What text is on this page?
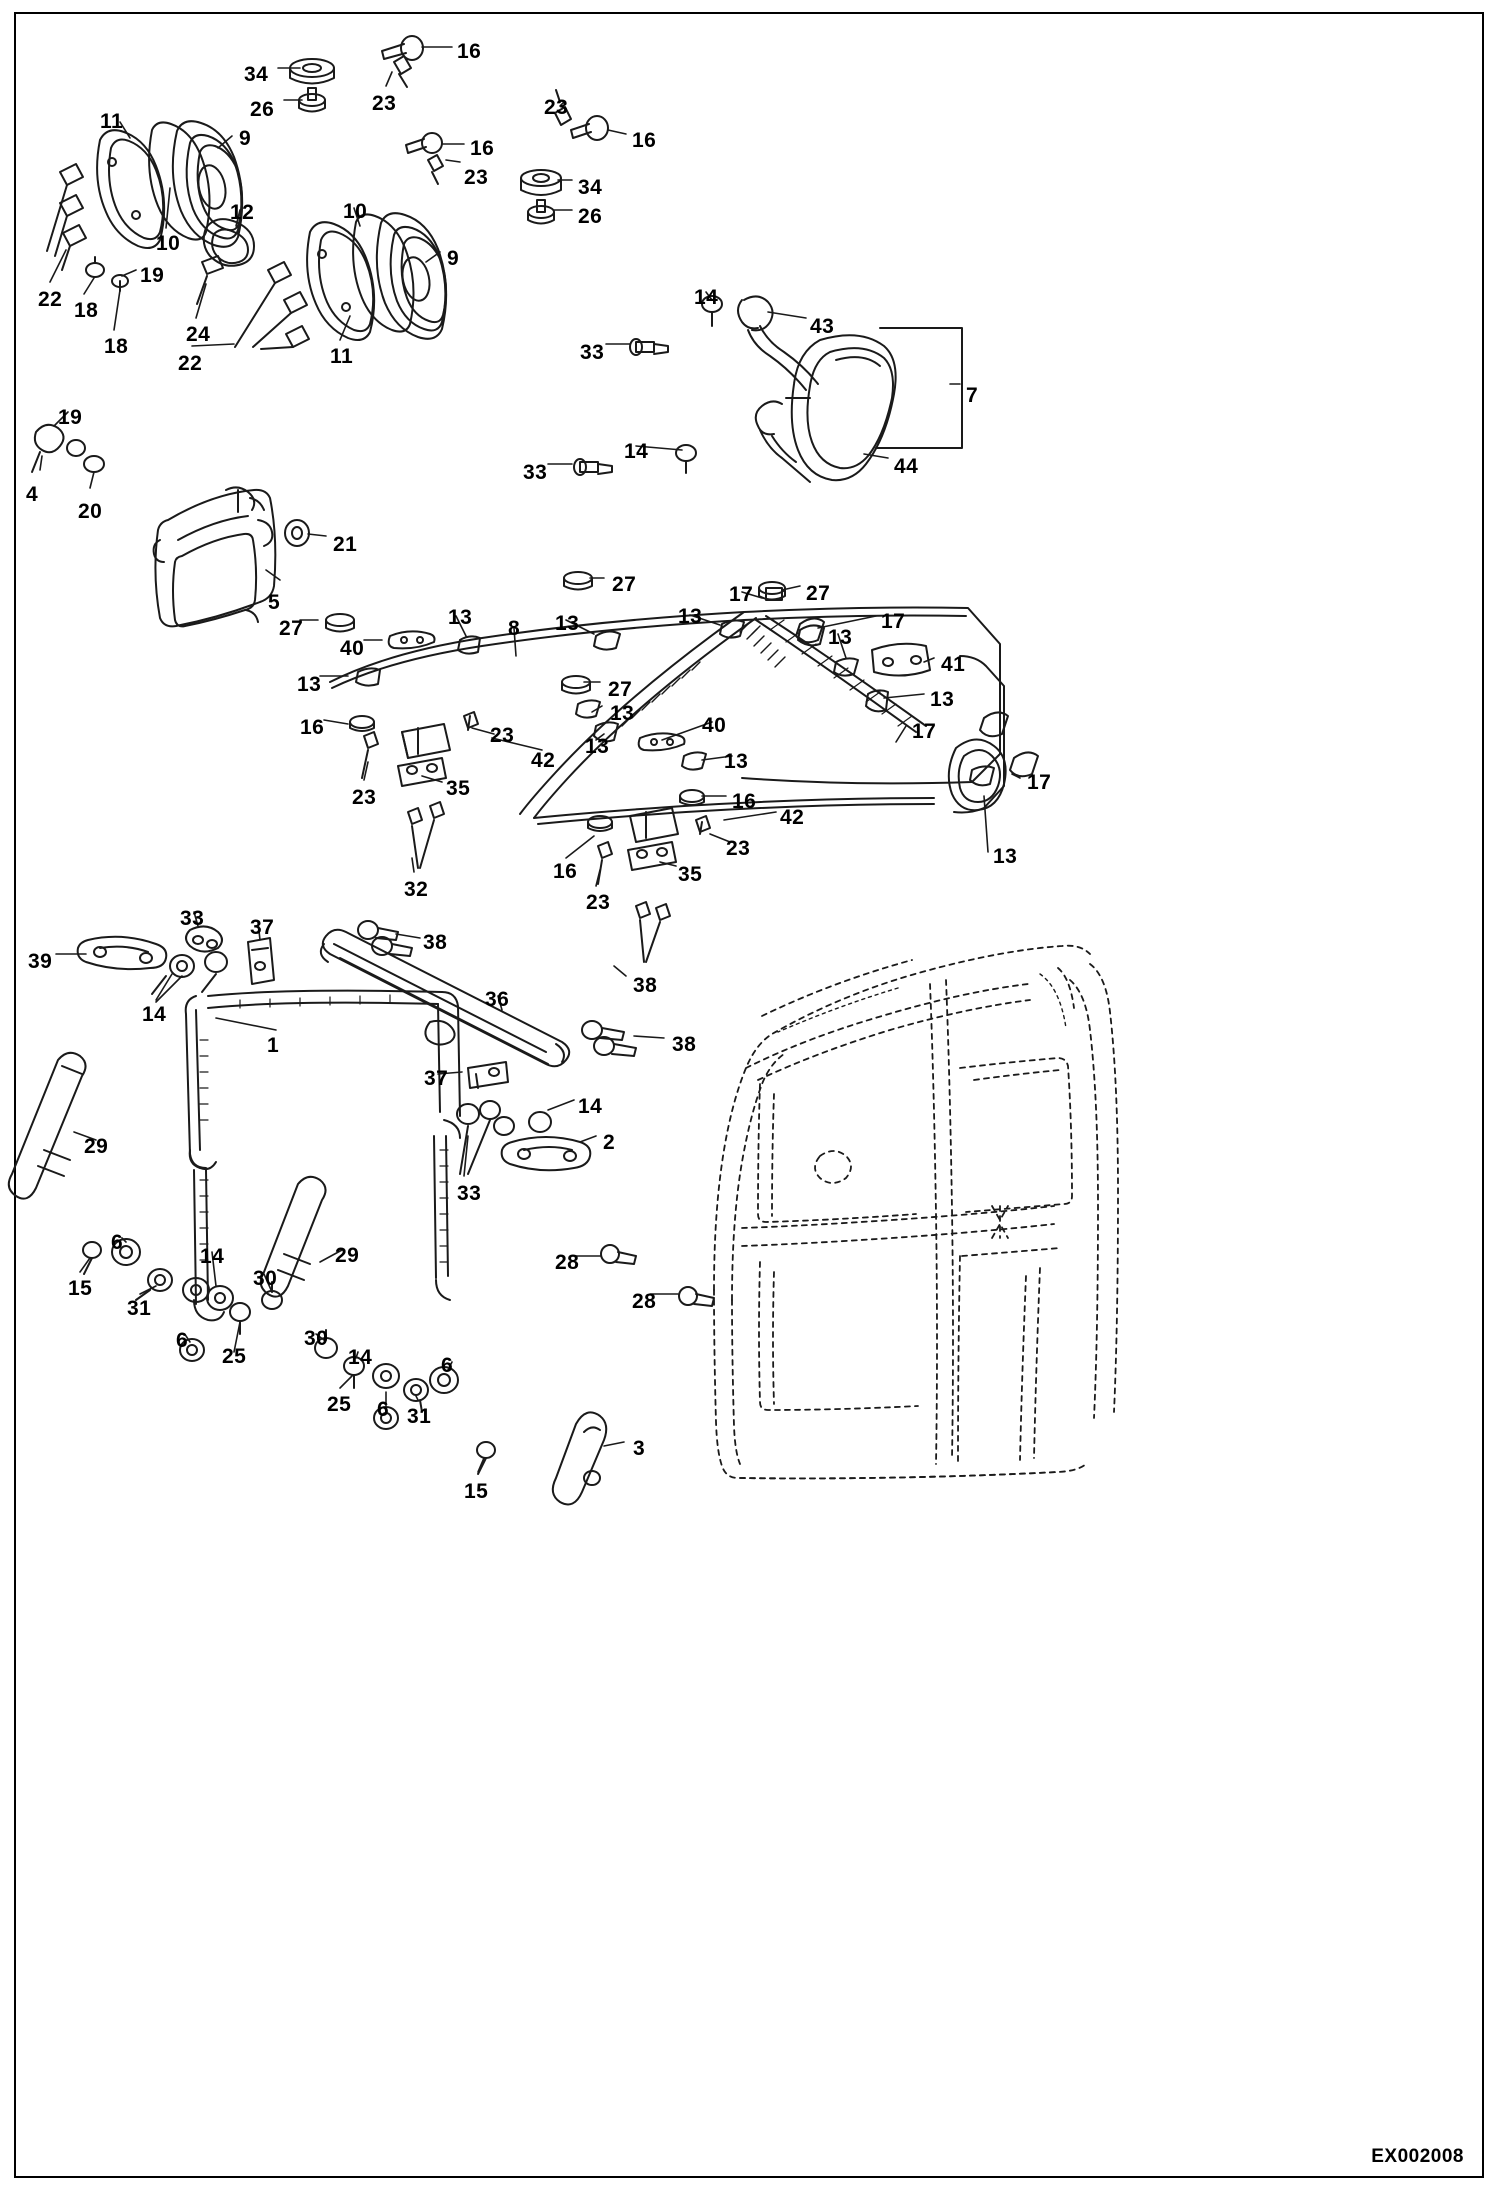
34
26
16
23
11
9	16
23
23
16
34
26
10
12	10
9
19
22 18
18
24
22	11
14
43
33
7
19
14
44
4
20
33
21
5
27	17	27
27	13 8 13	13	17
40	13
41
13
13
27
13
16	40	17
23	13
42	13
17
23	35
16
42
13
16
23
35
32
23
33 37
38
39
38
36
14
1	38
37
14
29	2
33
6
14
15
31
29
30
28
28
6
25
30
14
25 6
6
31
15
3
EX002008
